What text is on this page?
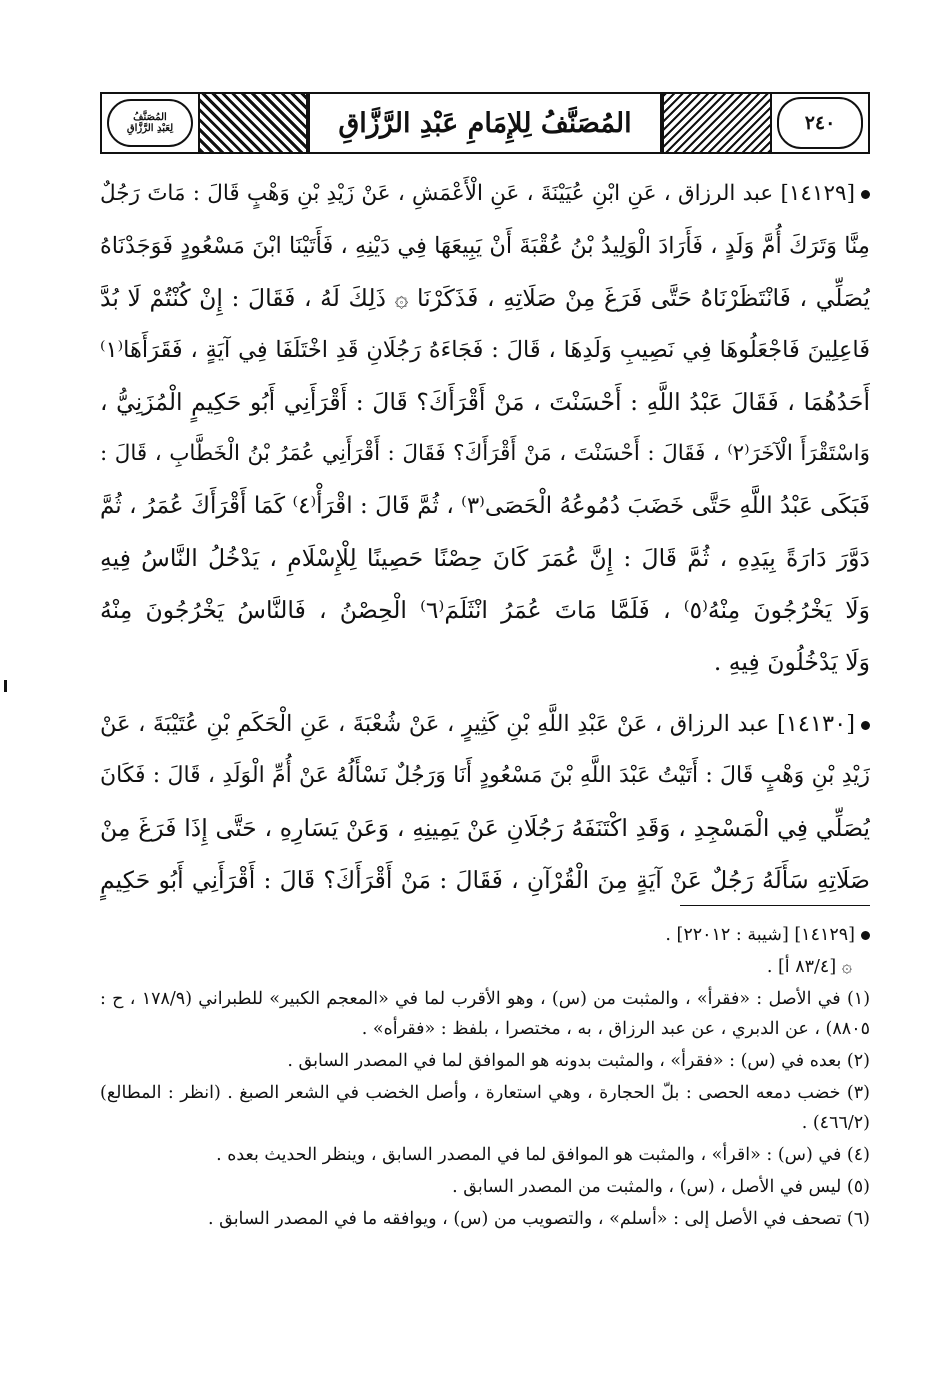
المُصَنَّفُ
لِعَبْدِ الرَّزَّاقِ	المُصَنَّفُ لِلإِمَامِ عَبْدِ الرَّزَّاقِ	٢٤٠
[١٤١٢٩] عبد الرزاق ، عَنِ ابْنِ عُيَيْنَةَ ، عَنِ الْأَعْمَشِ ، عَنْ زَيْدِ بْنِ وَهْبٍ قَالَ : مَاتَ رَجُلٌ
مِنَّا وَتَرَكَ أُمَّ وَلَدٍ ، فَأَرَادَ الْوَلِيدُ بْنُ عُقْبَةَ أَنْ يَبِيعَهَا فِي دَيْنِهِ ، فَأَتَيْنَا ابْنَ مَسْعُودٍ فَوَجَدْنَاهُ
يُصَلِّي ، فَانْتَظَرْنَاهُ حَتَّى فَرَغَ مِنْ صَلَاتِهِ ، فَذَكَرْنَا ۞ ذَلِكَ لَهُ ، فَقَالَ : إِنْ كُنْتُمْ لَا بُدَّ
فَاعِلِينَ فَاجْعَلُوهَا فِي نَصِيبِ وَلَدِهَا ، قَالَ : فَجَاءَهُ رَجُلَانِ قَدِ اخْتَلَفَا فِي آيَةٍ ، فَقَرَأَهَا⁽١⁾
أَحَدُهُمَا ، فَقَالَ عَبْدُ اللَّهِ : أَحْسَنْتَ ، مَنْ أَقْرَأَكَ؟ قَالَ : أَقْرَأَنِي أَبُو حَكِيمٍ الْمُزَنِيُّ ،
وَاسْتَقْرَأَ الْآخَرَ⁽٢⁾ ، فَقَالَ : أَحْسَنْتَ ، مَنْ أَقْرَأَكَ؟ فَقَالَ : أَقْرَأَنِي عُمَرُ بْنُ الْخَطَّابِ ، قَالَ :
فَبَكَى عَبْدُ اللَّهِ حَتَّى خَضَبَ دُمُوعُهُ الْحَصَى⁽٣⁾ ، ثُمَّ قَالَ : اقْرَأْ⁽٤⁾ كَمَا أَقْرَأَكَ عُمَرُ ، ثُمَّ
دَوَّرَ دَارَةً بِيَدِهِ ، ثُمَّ قَالَ : إِنَّ عُمَرَ كَانَ حِصْنًا حَصِينًا لِلْإِسْلَامِ ، يَدْخُلُ النَّاسُ فِيهِ
وَلَا يَخْرُجُونَ مِنْهُ⁽٥⁾ ، فَلَمَّا مَاتَ عُمَرُ انْثَلَمَ⁽٦⁾ الْحِصْنُ ، فَالنَّاسُ يَخْرُجُونَ مِنْهُ
وَلَا يَدْخُلُونَ فِيهِ .
[١٤١٣٠] عبد الرزاق ، عَنْ عَبْدِ اللَّهِ بْنِ كَثِيرٍ ، عَنْ شُعْبَةَ ، عَنِ الْحَكَمِ بْنِ عُتَيْبَةَ ، عَنْ
زَيْدِ بْنِ وَهْبٍ قَالَ : أَتَيْتُ عَبْدَ اللَّهِ بْنَ مَسْعُودٍ أَنَا وَرَجُلٌ نَسْأَلُهُ عَنْ أُمِّ الْوَلَدِ ، قَالَ : فَكَانَ
يُصَلِّي فِي الْمَسْجِدِ ، وَقَدِ اكْتَنَفَهُ رَجُلَانِ عَنْ يَمِينِهِ ، وَعَنْ يَسَارِهِ ، حَتَّى إِذَا فَرَغَ مِنْ
صَلَاتِهِ سَأَلَهُ رَجُلٌ عَنْ آيَةٍ مِنَ الْقُرْآنِ ، فَقَالَ : مَنْ أَقْرَأَكَ؟ قَالَ : أَقْرَأَنِي أَبُو حَكِيمٍ
[١٤١٢٩] [شيبة : ٢٢٠١٢] .
۞ [٨٣/٤ أ] .
(١) في الأصل : «فقرأ» ، والمثبت من (س) ، وهو الأقرب لما في «المعجم الكبير» للطبراني (١٧٨/٩ ، ح : ٨٨٠٥) ، عن الدبري ، عن عبد الرزاق ، به ، مختصرا ، بلفظ : «فقرأه» .
(٢) بعده في (س) : «فقرأ» ، والمثبت بدونه هو الموافق لما في المصدر السابق .
(٣) خضب دمعه الحصى : بلّ الحجارة ، وهي استعارة ، وأصل الخضب في الشعر الصبغ . (انظر : المطالع) (٤٦٦/٢) .
(٤) في (س) : «اقرأ» ، والمثبت هو الموافق لما في المصدر السابق ، وينظر الحديث بعده .
(٥) ليس في الأصل ، (س) ، والمثبت من المصدر السابق .
(٦) تصحف في الأصل إلى : «أسلم» ، والتصويب من (س) ، ويوافقه ما في المصدر السابق .
